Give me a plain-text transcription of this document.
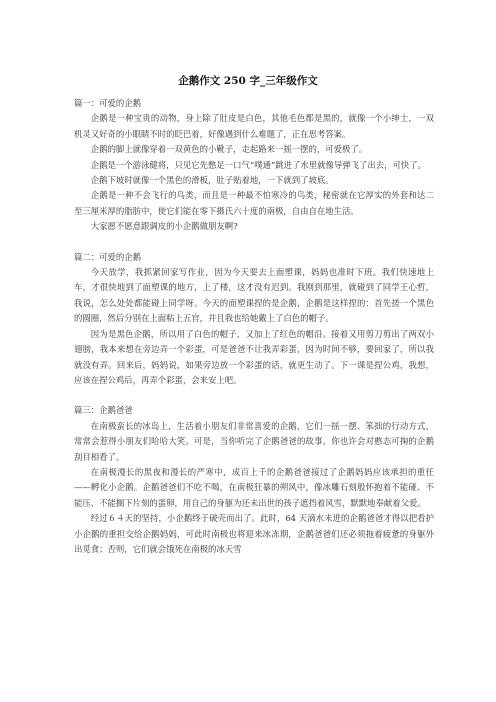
企鹅作文 250 字_三年级作文

篇一：可爱的企鹅

企鹅是一种宝贵的动物，身上除了肚皮是白色，其他毛色都是黑的，就像一个小绅士，一双机灵又好奇的小眼睛不时的眨巴着，好像遇到什么难题了，正在思考答案。

企鹅的脚上就像穿着一双黄色的小靴子，走起路来一摇一摆的，可爱极了。

企鹅是一个游泳健将，只见它先憋足一口气“噗通”跳进了水里就像导弹飞了出去，可快了。

企鹅下坡时就像一个黑色的滑板，肚子贴着地，一下就到了坡底。

企鹅是一种不会飞行的鸟类，而且是一种最不怕寒冷的鸟类，秘密就在它厚实的外套和达二至三厘米厚的脂肪中，使它们能在零下摄氏六十度的南极，自由自在地生活。

大家愿不愿意跟调皮的小企鹅做朋友啊?

篇二：可爱的企鹅

今天放学，我抓紧回家写作业，因为今天要去上面塑课，妈妈也准时下班。我们快速地上车，才很快地到了面塑课的地方，上了楼，这才没有迟到。我刚到那里，就碰到了同学王心哲，我说，怎么处处都能碰上同学呀。今天的面塑课捏的是企鹅，企鹅是这样捏的：首先搓一个黑色的圆圈，然后分别在上面粘上五官，并且我也给她戴上了白色的帽子。

因为是黑色企鹅，所以用了白色的帽子，又加上了红色的帽沿。接着又用剪刀剪出了两双小翅膀，我本来想在旁边弄一个彩蛋，可是爸爸不让我弄彩蛋，因为时间不够，要回家了，所以我就没有弄。回来后，妈妈说，如果旁边放一个彩蛋的话，就更生动了。下一课是捏公鸡，我想，应该在捏公鸡后，再弄个彩蛋，会来安上吧。

篇三：企鹅爸爸

在南极蛮长的冰岛上，生活着小朋友们非常喜爱的企鹅，它们一摇一摆、笨拙的行动方式，常常会惹得小朋友们哈哈大笑。可是，当你听完了企鹅爸爸的故事，你也许会对憨态可掬的企鹅刮目相看了。

在南极漫长的黑夜和漫长的严寒中，成百上千的企鹅爸爸接过了企鹅妈妈应该承担的重任——孵化小企鹅。企鹅爸爸们不吃不喝，在南极狂暴的朔风中，像冰雕石刻般怀抱着不能碰、不能压、不能搁下片刻的蛋卵，用自己的身躯为还未出世的孩子遮挡着风雪，默默地奉献着父爱。

经过６４天的坚持，小企鹅终于破壳而出了。此时，64 天滴水未进的企鹅爸爸才得以把看护小企鹅的重担交给企鹅妈妈，可此时南极也将迎来冰冻期，企鹅爸爸们还必须拖着疲惫的身躯外出觅食；否则，它们就会饿死在南极的冰天雪
